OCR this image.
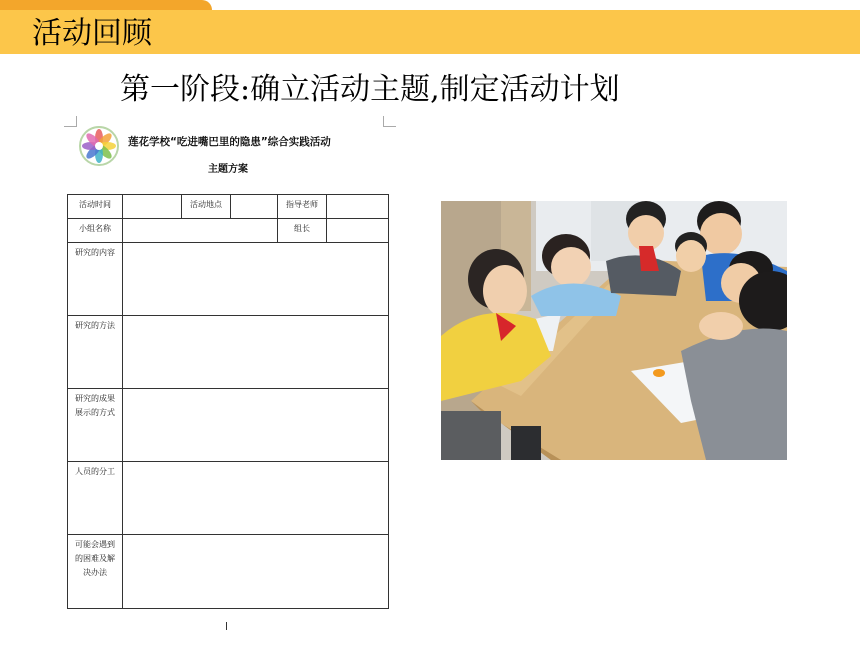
活动回顾
第一阶段:确立活动主题,制定活动计划
莲花学校“吃进嘴巴里的隐患”综合实践活动
主题方案
活动时间		活动地点		指导老师	
小组名称				组长	
研究的内容					
研究的方法					
研究的成果展示的方式					
人员的分工					
可能会遇到的困难及解决办法					
